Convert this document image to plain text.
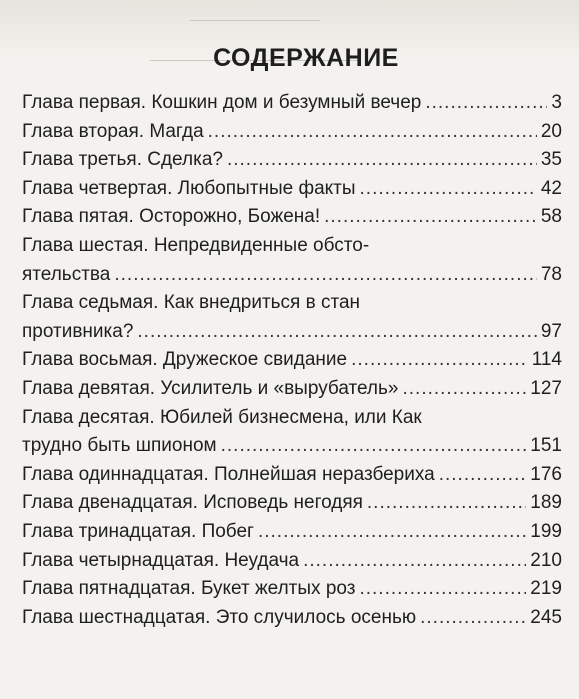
СОДЕРЖАНИЕ
Глава первая. Кошкин дом и безумный вечер .....	3
Глава вторая. Магда .....	20
Глава третья. Сделка? .....	35
Глава четвертая. Любопытные факты .....	42
Глава пятая. Осторожно, Божена! .....	58
Глава шестая. Непредвиденные обсто-
ятельства .....	78
Глава седьмая. Как внедриться в стан
противника? .....	97
Глава восьмая. Дружеское свидание .....	114
Глава девятая. Усилитель и «вырубатель» .....	127
Глава десятая. Юбилей бизнесмена, или Как
трудно быть шпионом .....	151
Глава одиннадцатая. Полнейшая неразбериха .....	176
Глава двенадцатая. Исповедь негодяя .....	189
Глава тринадцатая. Побег .....	199
Глава четырнадцатая. Неудача .....	210
Глава пятнадцатая. Букет желтых роз .....	219
Глава шестнадцатая. Это случилось осенью .....	245
